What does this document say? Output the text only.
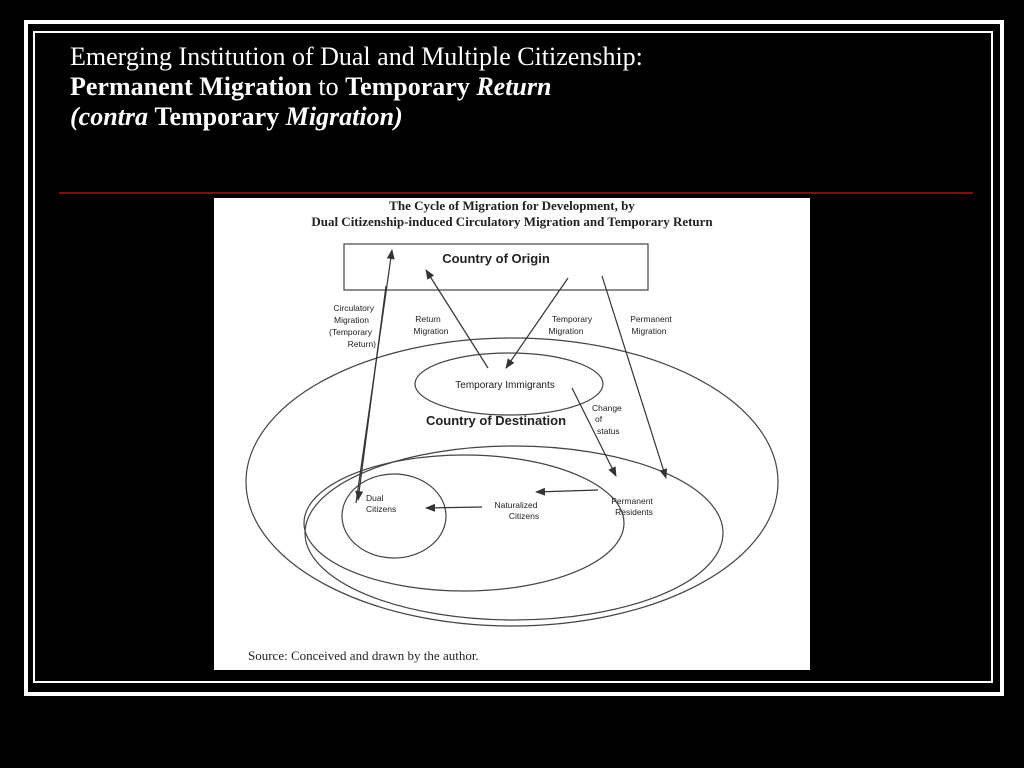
Emerging Institution of Dual and Multiple Citizenship:
Permanent Migration to Temporary Return
(contra Temporary Migration)
The Cycle of Migration for Development, by
Dual Citizenship-induced Circulatory Migration and Temporary Return
Country of Origin
Country of Destination
Temporary Immigrants
Dual
Citizens	Naturalized
Citizens
Permanent
Residents
Circulatory
Migration
(Temporary
Return)
Return
Migration
Temporary
Migration
Permanent
Migration
Change
of
status
Source: Conceived and drawn by the author.
